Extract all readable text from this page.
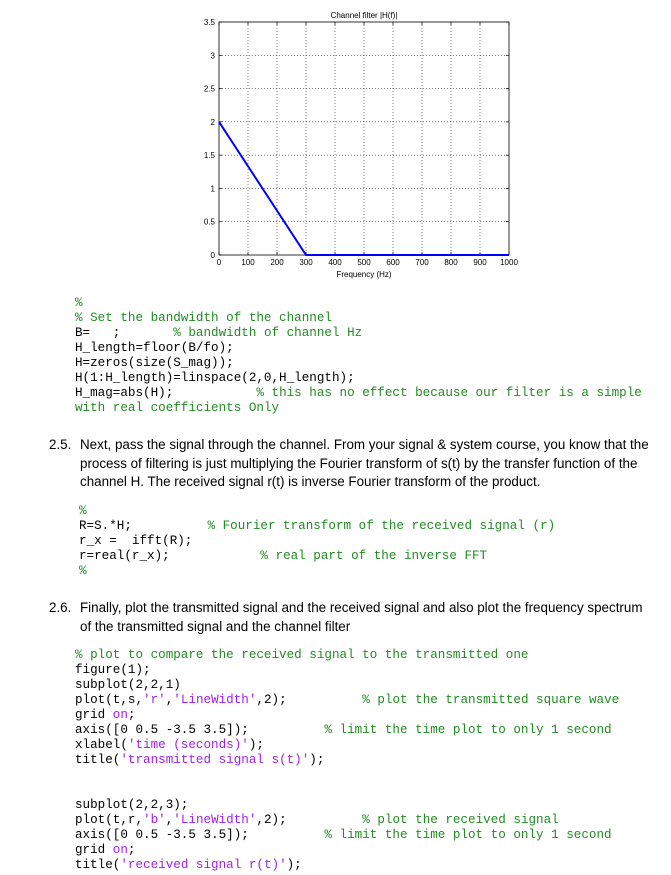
0	100 200 300 400 500 600 700 800 900 1000
0
0.5
1
1.5
2
2.5
3
3.5
Channel filter |H(f)|
Frequency (Hz)
%
% Set the bandwidth of the channel
B=   ;       % bandwidth of channel Hz
H_length=floor(B/fo);
H=zeros(size(S_mag));
H(1:H_length)=linspace(2,0,H_length);
H_mag=abs(H);           % this has no effect because our filter is a simple
with real coefficients Only
2.5. Next, pass the signal through the channel. From your signal & system course, you know that the process of filtering is just multiplying the Fourier transform of s(t) by the transfer function of the channel H. The received signal r(t) is inverse Fourier transform of the product.
%
R=S.*H;          % Fourier transform of the received signal (r)
r_x =  ifft(R);
r=real(r_x);            % real part of the inverse FFT
%
2.6. Finally, plot the transmitted signal and the received signal and also plot the frequency spectrum of the transmitted signal and the channel filter
% plot to compare the received signal to the transmitted one
figure(1);
subplot(2,2,1)
plot(t,s,'r','LineWidth',2);          % plot the transmitted square wave
grid on;
axis([0 0.5 -3.5 3.5]);          % limit the time plot to only 1 second
xlabel('time (seconds)');
title('transmitted signal s(t)');
subplot(2,2,3);
plot(t,r,'b','LineWidth',2);          % plot the received signal
axis([0 0.5 -3.5 3.5]);          % limit the time plot to only 1 second
grid on;
title('received signal r(t)');
